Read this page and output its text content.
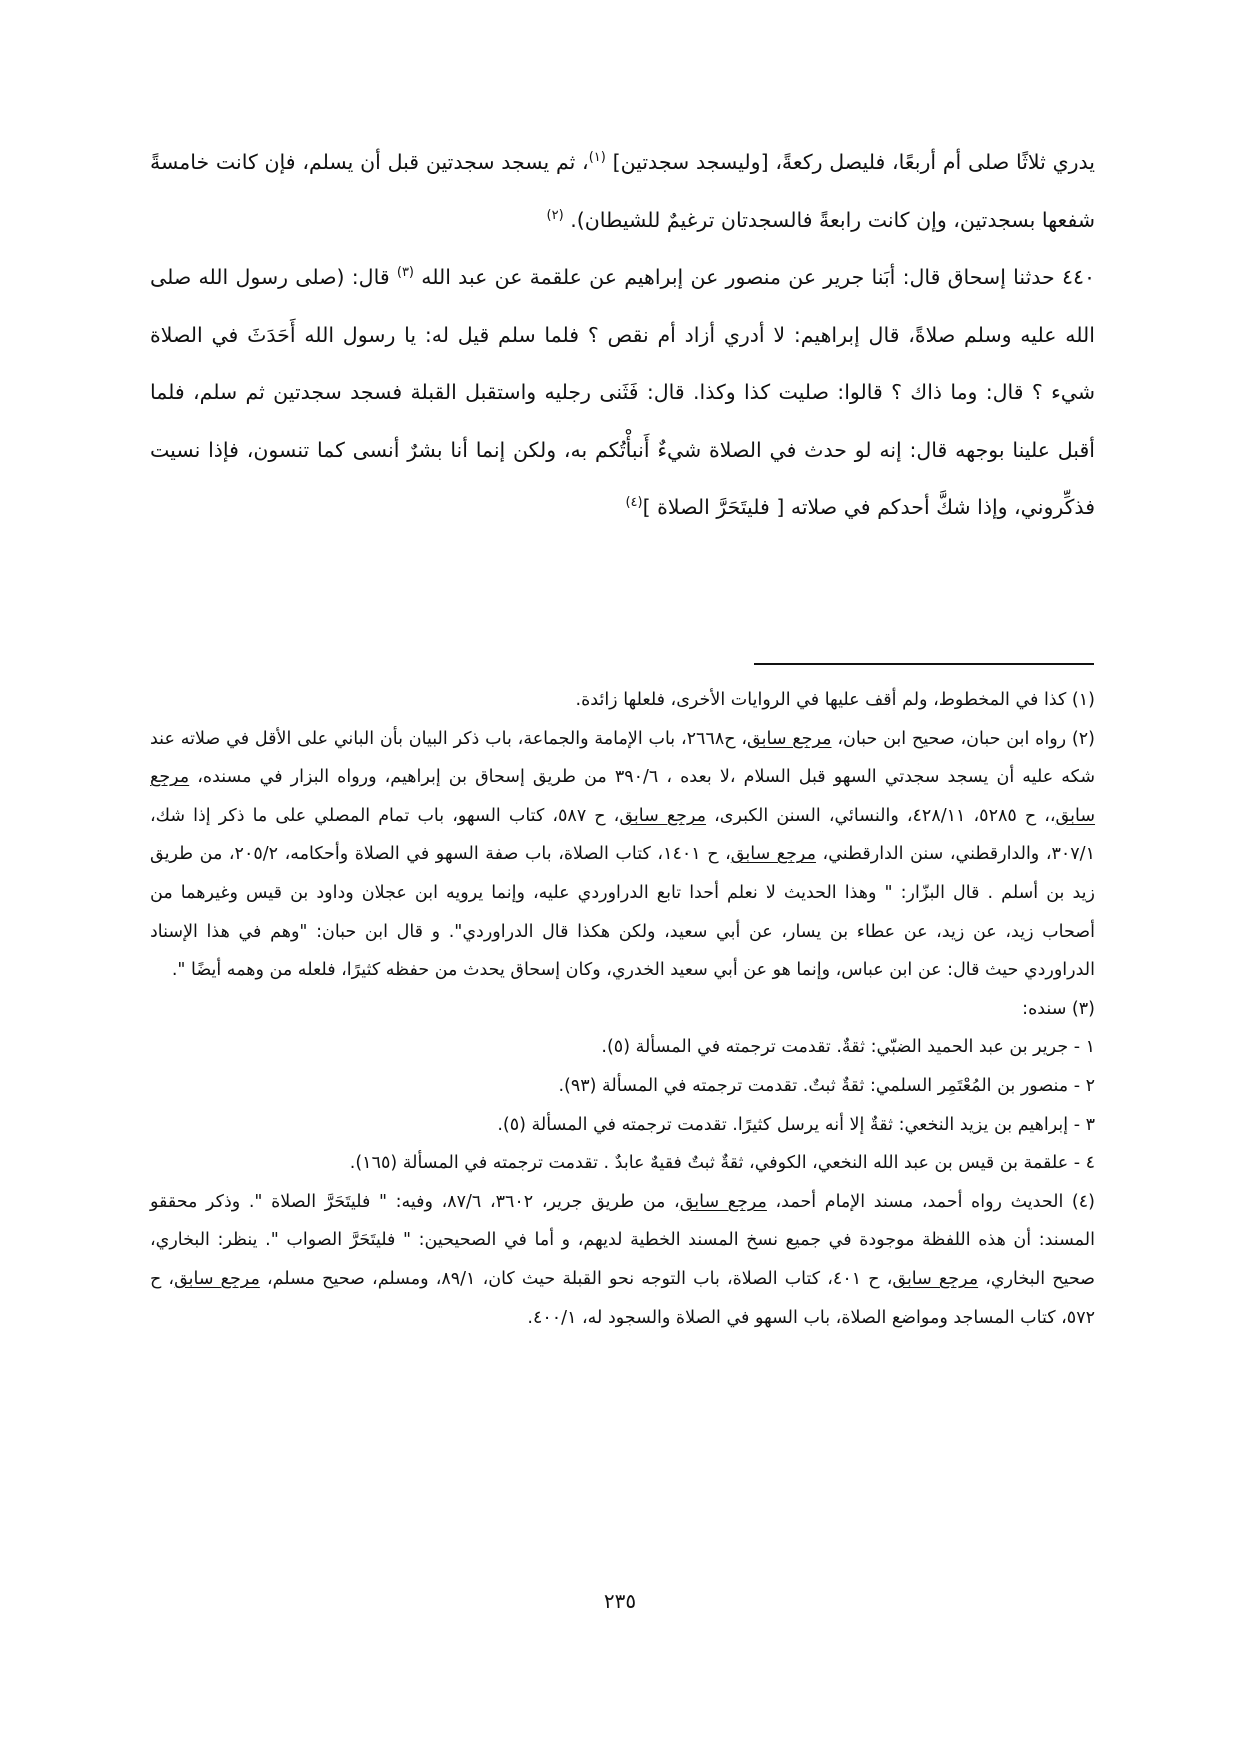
يدري ثلاثًا صلى أم أربعًا، فليصل ركعةً، [وليسجد سجدتين] $^{(١)}$، ثم يسجد سجدتين قبل أن يسلم، فإن كانت خامسةً شفعها بسجدتين، وإن كانت رابعةً فالسجدتان ترغيمٌ للشيطان). $^{(٢)}$

٤٤٠ حدثنا إسحاق قال: أبَنا جرير عن منصور عن إبراهيم عن علقمة عن عبد الله $^{(٣)}$ قال: (صلى رسول الله صلى الله عليه وسلم صلاةً، قال إبراهيم: لا أدري أزاد أم نقص ؟ فلما سلم قيل له: يا رسول الله أَحَدَثَ في الصلاة شيء ؟ قال: وما ذاك ؟ قالوا: صليت كذا وكذا. قال: فَثَنى رجليه واستقبل القبلة فسجد سجدتين ثم سلم، فلما أقبل علينا بوجهه قال: إنه لو حدث في الصلاة شيءٌ أَنبأْتُكم به، ولكن إنما أنا بشرٌ أنسى كما تنسون، فإذا نسيت فذكِّروني، وإذا شكَّ أحدكم في صلاته [ فليتَحَرَّ الصلاة ]$^{(٤)}$

(١) كذا في المخطوط، ولم أقف عليها في الروايات الأخرى، فلعلها زائدة.

(٢) رواه ابن حبان، صحيح ابن حبان، مرجع سابق، ح٢٦٦٨، باب الإمامة والجماعة، باب ذكر البيان بأن الباني على الأقل في صلاته عند شكه عليه أن يسجد سجدتي السهو قبل السلام ،لا بعده ، ٣٩٠/٦ من طريق إسحاق بن إبراهيم، ورواه البزار في مسنده، مرجع سابق،، ح ٥٢٨٥، ٤٢٨/١١، والنسائي، السنن الكبرى، مرجع سابق، ح ٥٨٧، كتاب السهو، باب تمام المصلي على ما ذكر إذا شك، ٣٠٧/١، والدارقطني، سنن الدارقطني، مرجع سابق، ح ١٤٠١، كتاب الصلاة، باب صفة السهو في الصلاة وأحكامه، ٢٠٥/٢، من طريق زيد بن أسلم . قال البزّار: " وهذا الحديث لا نعلم أحدا تابع الدراوردي عليه، وإنما يرويه ابن عجلان وداود بن قيس وغيرهما من أصحاب زيد، عن زيد، عن عطاء بن يسار، عن أبي سعيد، ولكن هكذا قال الدراوردي". و قال ابن حبان: "وهم في هذا الإسناد الدراوردي حيث قال: عن ابن عباس، وإنما هو عن أبي سعيد الخدري، وكان إسحاق يحدث من حفظه كثيرًا، فلعله من وهمه أيضًا ".

(٣) سنده:

١ - جرير بن عبد الحميد الضبّي: ثقةٌ. تقدمت ترجمته في المسألة (٥).

٢ - منصور بن المُعْتَمِر السلمي: ثقةٌ ثبتٌ. تقدمت ترجمته في المسألة (٩٣).

٣ - إبراهيم بن يزيد النخعي: ثقةٌ إلا أنه يرسل كثيرًا. تقدمت ترجمته في المسألة (٥).

٤ - علقمة بن قيس بن عبد الله النخعي، الكوفي، ثقةٌ ثبتٌ فقيهٌ عابدٌ . تقدمت ترجمته في المسألة (١٦٥).

(٤) الحديث رواه أحمد، مسند الإمام أحمد، مرجع سابق، من طريق جرير، ٣٦٠٢، ٨٧/٦، وفيه: " فليتَحَرَّ الصلاة ". وذكر محققو المسند: أن هذه اللفظة موجودة في جميع نسخ المسند الخطية لديهم، و أما في الصحيحين: " فليتَحَرَّ الصواب ". ينظر: البخاري، صحيح البخاري، مرجع سابق، ح ٤٠١، كتاب الصلاة، باب التوجه نحو القبلة حيث كان، ٨٩/١، ومسلم، صحيح مسلم، مرجع سابق، ح ٥٧٢، كتاب المساجد ومواضع الصلاة، باب السهو في الصلاة والسجود له، ٤٠٠/١.

٢٣٥
